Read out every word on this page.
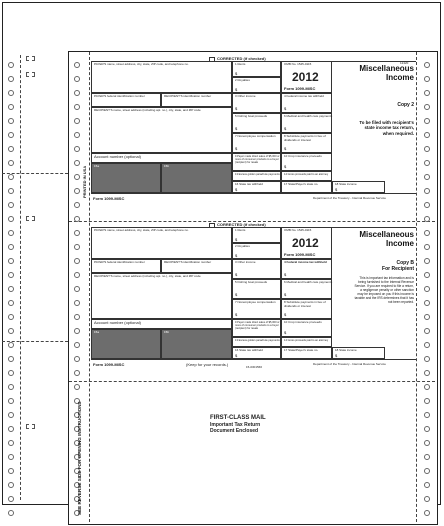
PRINTED IN USA
SEE REVERSE SIDE FOR OPENING INSTRUCTIONS
12420
CORRECTED (if checked)
PAYER'S name, street address, city, state, ZIP code, and telephone no.
PAYER'S federal identification number	RECIPIENT'S identification number
RECIPIENT'S name, street address (including apt. no.), city, state, and ZIP code
Account number (optional)
15a	15b
1 Rents
$
2 Royalties
$
3 Other income
$
5 Fishing boat proceeds
$
7 Nonemployee compensation
$
9 Payer made direct sales of $5,000 or more of consumer products to a buyer (recipient) for resale
13 Excess golden parachute payments
16 State tax withheld
$
OMB No. 1545-0115
2012
Form 1099-MISC
4 Federal income tax withheld
$
6 Medical and health care payments
$
8 Substitute payments in lieu of dividends or interest
$
10 Crop insurance proceeds
$
14 Gross proceeds paid to an attorney
17 State/Payer's state no.	18 State income
$
Miscellaneous
Income
Copy 2
To be filed with recipient's state income tax return, when required.
Form 1099-MISC	Department of the Treasury - Internal Revenue Service
CORRECTED (if checked)
PAYER'S name, street address, city, state, ZIP code, and telephone no.
PAYER'S federal identification number	RECIPIENT'S identification number
RECIPIENT'S name, street address (including apt. no.), city, state, and ZIP code
Account number (optional)
15a	15b
1 Rents
$
2 Royalties
$
3 Other income
$
5 Fishing boat proceeds
$
7 Nonemployee compensation
$
9 Payer made direct sales of $5,000 or more of consumer products to a buyer (recipient) for resale
13 Excess golden parachute payments
16 State tax withheld
$
OMB No. 1545-0115
2012
Form 1099-MISC
4 Federal income tax withheld
$
6 Medical and health care payments
$
8 Substitute payments in lieu of dividends or interest
$
10 Crop insurance proceeds
$
14 Gross proceeds paid to an attorney
17 State/Payer's state no.	18 State income
$
Miscellaneous
Income
Copy B
For Recipient
This is important tax information and is being furnished to the Internal Revenue Service. If you are required to file a return, a negligence penalty or other sanction may be imposed on you if this income is taxable and the IRS determines that it has not been reported.
Form 1099-MISC	(Keep for your records.)	15-0301566
Department of the Treasury - Internal Revenue Service
FIRST-CLASS MAIL
Important Tax Return
Document Enclosed
